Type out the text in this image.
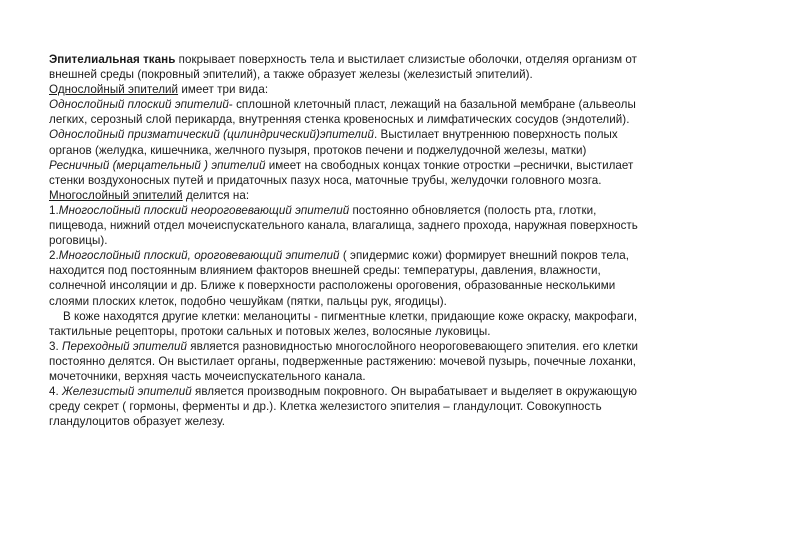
Эпителиальная ткань покрывает поверхность тела и выстилает слизистые оболочки, отделяя организм от
внешней среды (покровный эпителий), а также образует железы (железистый эпителий).
Однослойный эпителий имеет три вида:
Однослойный плоский эпителий- сплошной клеточный пласт, лежащий на базальной мембране (альвеолы
легких, серозный слой перикарда, внутренняя стенка кровеносных и лимфатических сосудов (эндотелий).
Однослойный призматический (цилиндрический)эпителий. Выстилает внутреннюю поверхность полых
органов (желудка, кишечника, желчного пузыря, протоков печени и поджелудочной железы, матки)
Ресничный (мерцательный ) эпителий имеет на свободных концах тонкие отростки –реснички, выстилает
стенки воздухоносных путей и придаточных пазух носа, маточные трубы, желудочки головного мозга.
Многослойный эпителий делится на:
1.Многослойный плоский неороговевающий эпителий постоянно обновляется (полость рта, глотки,
пищевода, нижний отдел мочеиспускательного канала, влагалища, заднего прохода, наружная поверхность
роговицы).
2.Многослойный плоский, ороговевающий эпителий ( эпидермис кожи) формирует внешний покров тела,
находится под постоянным влиянием факторов внешней среды: температуры, давления, влажности,
солнечной инсоляции и др. Ближе к поверхности расположены ороговения, образованные несколькими
слоями плоских клеток, подобно чешуйкам (пятки, пальцы рук, ягодицы).
В коже находятся другие клетки: меланоциты - пигментные клетки, придающие коже окраску, макрофаги,
тактильные рецепторы, протоки сальных и потовых желез, волосяные луковицы.
3. Переходный эпителий является разновидностью многослойного неороговевающего эпителия. его клетки
постоянно делятся. Он выстилает органы, подверженные растяжению: мочевой пузырь, почечные лоханки,
мочеточники, верхняя часть мочеиспускательного канала.
4. Железистый эпителий является производным покровного. Он вырабатывает и выделяет в окружающую
среду секрет ( гормоны, ферменты и др.). Клетка железистого эпителия – гландулоцит. Совокупность
гландулоцитов образует железу.
